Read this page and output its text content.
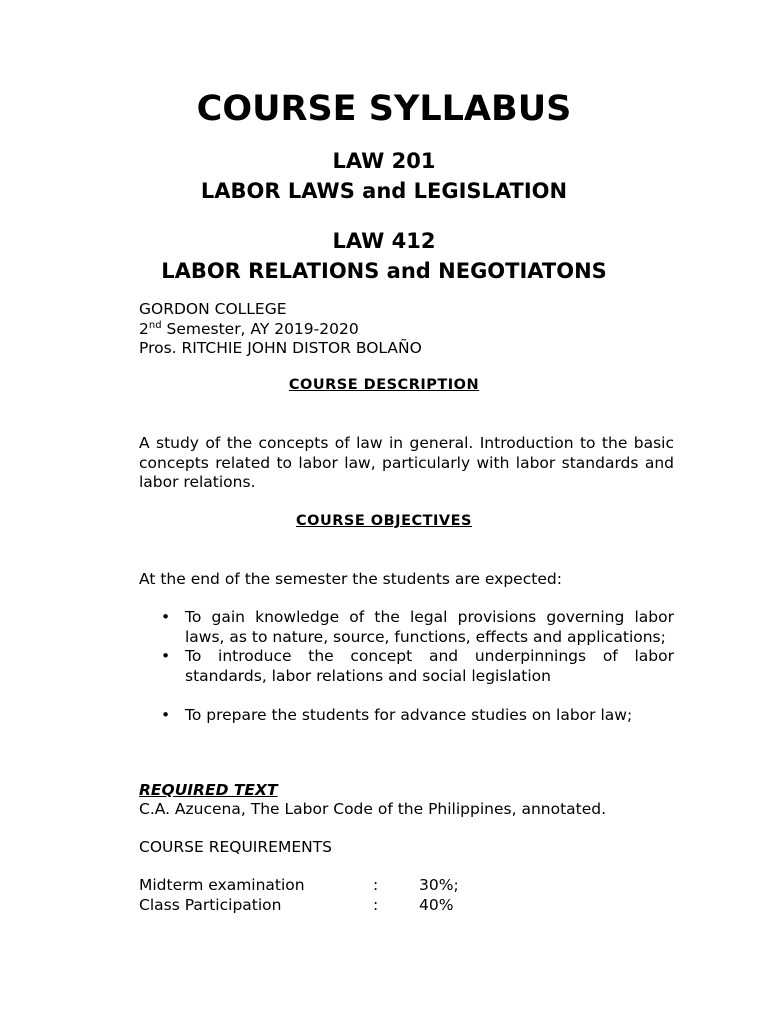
COURSE SYLLABUS
LAW 201
LABOR LAWS and LEGISLATION
LAW 412
LABOR RELATIONS and NEGOTIATONS
GORDON COLLEGE
2nd Semester, AY 2019-2020
Pros. RITCHIE JOHN DISTOR BOLAÑO
COURSE DESCRIPTION
A study of the concepts of law in general. Introduction to the basic concepts related to labor law, particularly with labor standards and labor relations.
COURSE OBJECTIVES
At the end of the semester the students are expected:
• To gain knowledge of the legal provisions governing labor laws, as to nature, source, functions, effects and applications;
• To introduce the concept and underpinnings of labor standards, labor relations and social legislation
• To prepare the students for advance studies on labor law;
REQUIRED TEXT
C.A. Azucena, The Labor Code of the Philippines, annotated.
COURSE REQUIREMENTS
Midterm examination	:	30%;
Class Participation	:	40%
